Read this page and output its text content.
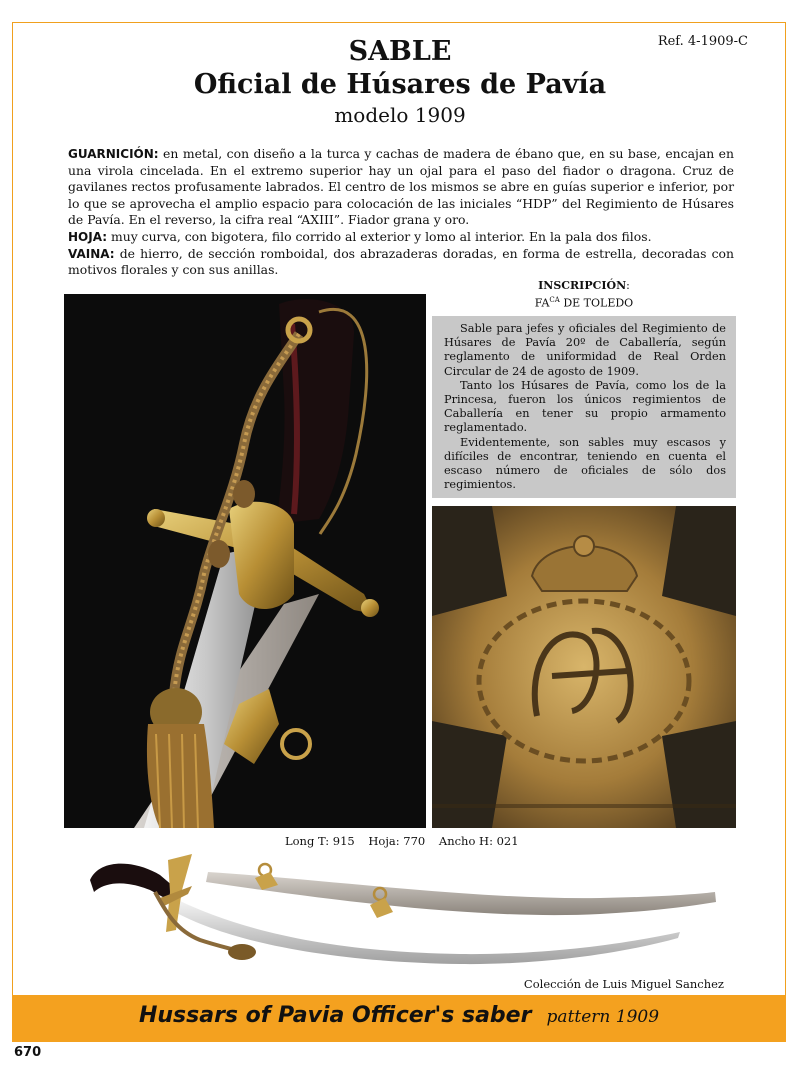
Ref. 4-1909-C
SABLE
Oficial de Húsares de Pavía
modelo 1909

GUARNICIÓN: en metal, con diseño a la turca y cachas de madera de ébano que, en su base, encajan en una virola cincelada. En el extremo superior hay un ojal para el paso del fiador o dragona. Cruz de gavilanes rectos profusamente labrados. El centro de los mismos se abre en guías superior e inferior, por lo que se aprovecha el amplio espacio para colocación de las iniciales “HDP” del Regimiento de Húsares de Pavía. En el reverso, la cifra real “AXIII”. Fiador grana y oro.

HOJA: muy curva, con bigotera, filo corrido al exterior y lomo al interior. En la pala dos filos.

VAINA: de hierro, de sección romboidal, dos abrazaderas doradas, en forma de estrella, decoradas con motivos florales y con sus anillas.

INSCRIPCIÓN:
$FA^{CA}$ DE TOLEDO

Sable para jefes y oficiales del Regimiento de Húsares de Pavía 20º de Caballería, según reglamento de uniformidad de Real Orden Circular de 24 de agosto de 1909.

Tanto los Húsares de Pavía, como los de la Princesa, fueron los únicos regimientos de Caballería en tener su propio armamento reglamentado.

Evidentemente, son sables muy escasos y difíciles de encontrar, teniendo en cuenta el escaso número de oficiales de sólo dos regimientos.

Long T: 915 Hoja: 770 Ancho H: 021
Colección de Luis Miguel Sanchez
Hussars of Pavia Officer's saber pattern 1909
670
